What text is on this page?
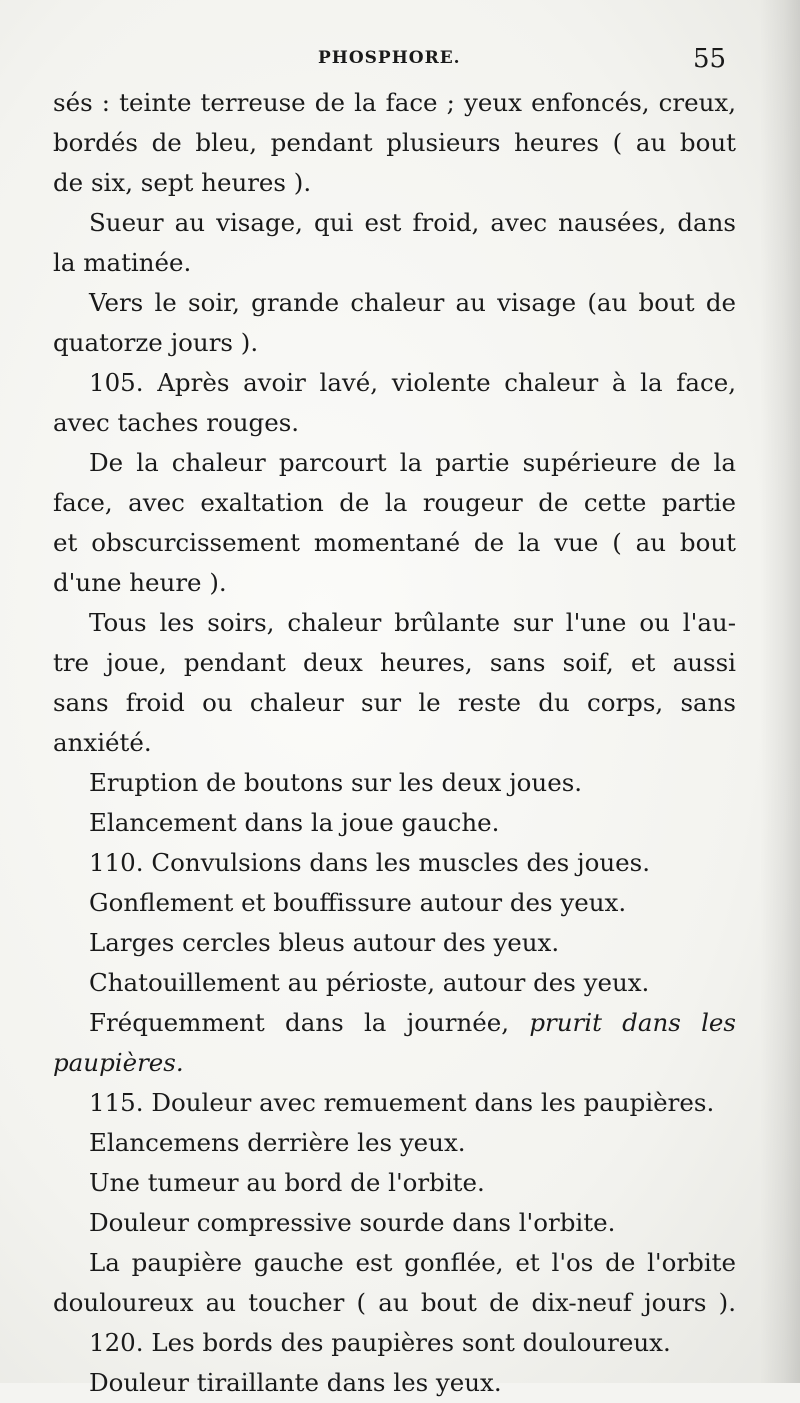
PHOSPHORE.	55
sés : teinte terreuse de la face ; yeux enfoncés, creux,
bordés de bleu, pendant plusieurs heures ( au bout
de six, sept heures ).
Sueur au visage, qui est froid, avec nausées, dans
la matinée.
Vers le soir, grande chaleur au visage (au bout de
quatorze jours ).
105. Après avoir lavé, violente chaleur à la face,
avec taches rouges.
De la chaleur parcourt la partie supérieure de la
face, avec exaltation de la rougeur de cette partie
et obscurcissement momentané de la vue ( au bout
d'une heure ).
Tous les soirs, chaleur brûlante sur l'une ou l'au-
tre joue, pendant deux heures, sans soif, et aussi
sans froid ou chaleur sur le reste du corps, sans
anxiété.
Eruption de boutons sur les deux joues.
Elancement dans la joue gauche.
110. Convulsions dans les muscles des joues.
Gonflement et bouffissure autour des yeux.
Larges cercles bleus autour des yeux.
Chatouillement au périoste, autour des yeux.
Fréquemment dans la journée, prurit dans les
paupières.
115. Douleur avec remuement dans les paupières.
Elancemens derrière les yeux.
Une tumeur au bord de l'orbite.
Douleur compressive sourde dans l'orbite.
La paupière gauche est gonflée, et l'os de l'orbite
douloureux au toucher ( au bout de dix-neuf jours ).
120. Les bords des paupières sont douloureux.
Douleur tiraillante dans les yeux.
